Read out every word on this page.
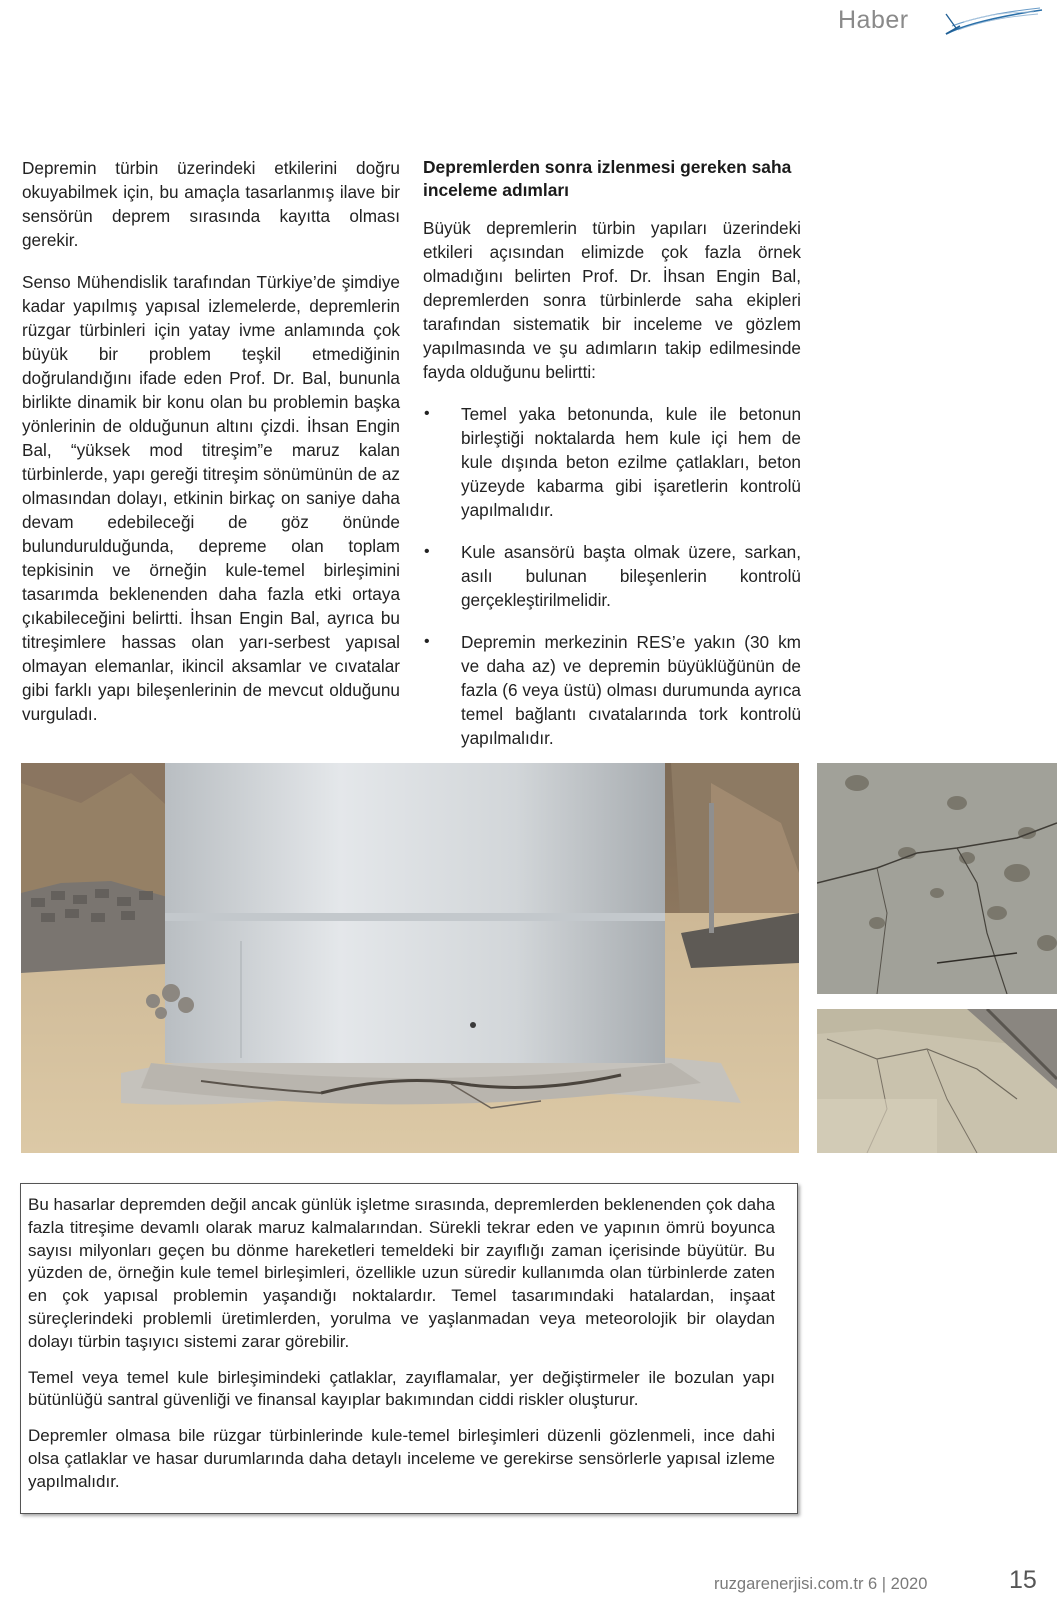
Haber

Depremin türbin üzerindeki etkilerini doğru okuyabilmek için, bu amaçla tasarlanmış ilave bir sensörün deprem sırasında kayıtta olması gerekir.

Senso Mühendislik tarafından Türkiye’de şimdiye kadar yapılmış yapısal izlemelerde, depremlerin rüzgar türbinleri için yatay ivme anlamında çok büyük bir problem teşkil etmediğinin doğrulandığını ifade eden Prof. Dr. Bal, bununla birlikte dinamik bir konu olan bu problemin başka yönlerinin de olduğunun altını çizdi. İhsan Engin Bal, “yüksek mod titreşim”e maruz kalan türbinlerde, yapı gereği titreşim sönümünün de az olmasından dolayı, etkinin birkaç on saniye daha devam edebileceği de göz önünde bulundurulduğunda, depreme olan toplam tepkisinin ve örneğin kule-temel birleşimini tasarımda beklenenden daha fazla etki ortaya çıkabileceğini belirtti. İhsan Engin Bal, ayrıca bu titreşimlere hassas olan yarı-serbest yapısal olmayan elemanlar, ikincil aksamlar ve cıvatalar gibi farklı yapı bileşenlerinin de mevcut olduğunu vurguladı.

Depremlerden sonra izlenmesi gereken saha inceleme adımları

Büyük depremlerin türbin yapıları üzerindeki etkileri açısından elimizde çok fazla örnek olmadığını belirten Prof. Dr. İhsan Engin Bal, depremlerden sonra türbinlerde saha ekipleri tarafından sistematik bir inceleme ve gözlem yapılmasında ve şu adımların takip edilmesinde fayda olduğunu belirtti:

• Temel yaka betonunda, kule ile betonun birleştiği noktalarda hem kule içi hem de kule dışında beton ezilme çatlakları, beton yüzeyde kabarma gibi işaretlerin kontrolü yapılmalıdır.
• Kule asansörü başta olmak üzere, sarkan, asılı bulunan bileşenlerin kontrolü gerçekleştirilmelidir.
• Depremin merkezinin RES’e yakın (30 km ve daha az) ve depremin büyüklüğünün de fazla (6 veya üstü) olması durumunda ayrıca temel bağlantı cıvatalarında tork kontrolü yapılmalıdır.

Bu hasarlar depremden değil ancak günlük işletme sırasında, depremlerden beklenenden çok daha fazla titreşime devamlı olarak maruz kalmalarından. Sürekli tekrar eden ve yapının ömrü boyunca sayısı milyonları geçen bu dönme hareketleri temeldeki bir zayıflığı zaman içerisinde büyütür. Bu yüzden de, örneğin kule temel birleşimleri, özellikle uzun süredir kullanımda olan türbinlerde zaten en çok yapısal problemin yaşandığı noktalardır. Temel tasarımındaki hatalardan, inşaat süreçlerindeki problemli üretimlerden, yorulma ve yaşlanmadan veya meteorolojik bir olaydan dolayı türbin taşıyıcı sistemi zarar görebilir.

Temel veya temel kule birleşimindeki çatlaklar, zayıflamalar, yer değiştirmeler ile bozulan yapı bütünlüğü santral güvenliği ve finansal kayıplar bakımından ciddi riskler oluşturur.

Depremler olmasa bile rüzgar türbinlerinde kule-temel birleşimleri düzenli gözlenmeli, ince dahi olsa çatlaklar ve hasar durumlarında daha detaylı inceleme ve gerekirse sensörlerle yapısal izleme yapılmalıdır.

ruzgarenerjisi.com.tr 6 | 2020	15
